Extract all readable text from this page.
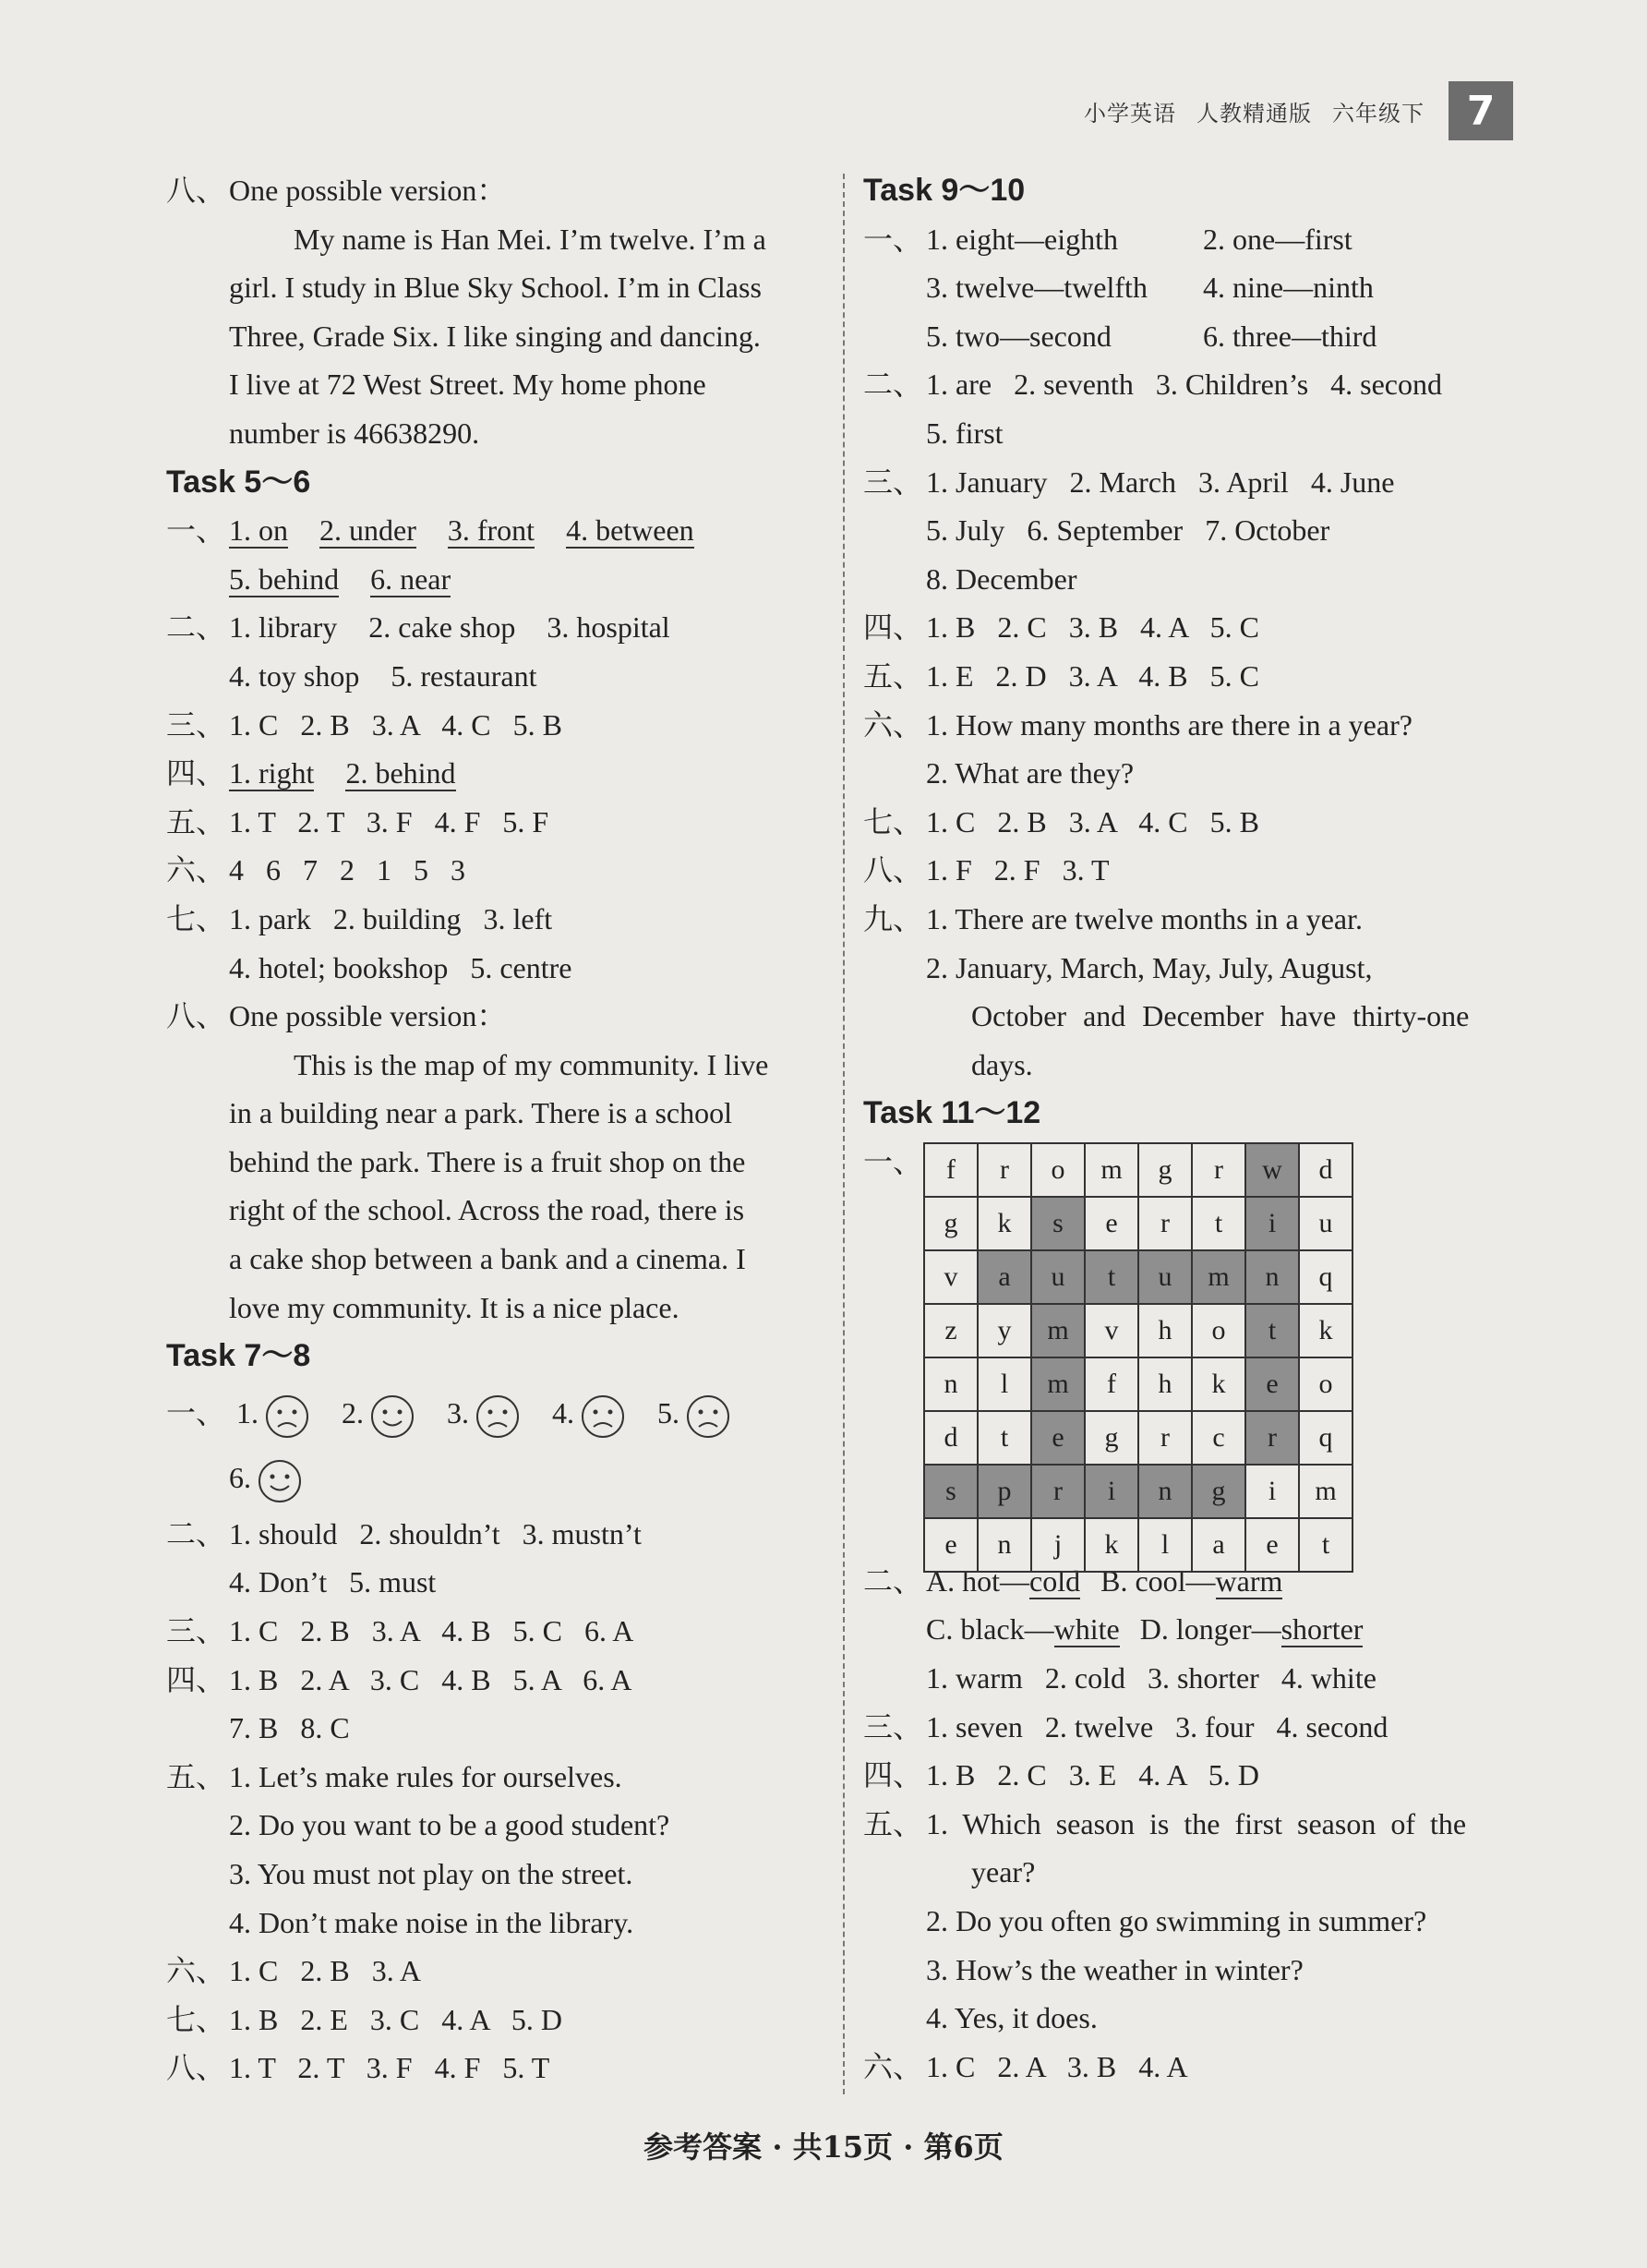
小学英语 人教精通版 六年级下	7
八、 One possible version：
My name is Han Mei. I’m twelve. I’m a
girl. I study in Blue Sky School. I’m in Class
Three, Grade Six. I like singing and dancing.
I live at 72 West Street. My home phone
number is 46638290.
Task 5～6
一、 1. on 2. under 3. front 4. between
5. behind 6. near
二、 1. library 2. cake shop 3. hospital
4. toy shop 5. restaurant
三、 1. C   2. B   3. A   4. C   5. B
四、 1. right 2. behind
五、 1. T   2. T   3. F   4. F   5. F
六、 4   6   7   2   1   5   3
七、 1. park   2. building   3. left
4. hotel; bookshop   5. centre
八、 One possible version：
This is the map of my community. I live
in a building near a park. There is a school
behind the park. There is a fruit shop on the
right of the school. Across the road, there is
a cake shop between a bank and a cinema. I
love my community. It is a nice place.
Task 7～8
一、 1.	2.	3.	4.	5.
6.
二、 1. should   2. shouldn’t   3. mustn’t
4. Don’t   5. must
三、 1. C   2. B   3. A   4. B   5. C   6. A
四、 1. B   2. A   3. C   4. B   5. A   6. A
7. B   8. C
五、 1. Let’s make rules for ourselves.
2. Do you want to be a good student?
3. You must not play on the street.
4. Don’t make noise in the library.
六、 1. C   2. B   3. A
七、 1. B   2. E   3. C   4. A   5. D
八、 1. T   2. T   3. F   4. F   5. T
Task 9～10
一、 1. eight—eighth	2. one—first
3. twelve—twelfth 4. nine—ninth
5. two—second	6. three—third
二、 1. are   2. seventh   3. Children’s   4. second
5. first
三、 1. January   2. March   3. April   4. June
5. July   6. September   7. October
8. December
四、 1. B   2. C   3. B   4. A   5. C
五、 1. E   2. D   3. A   4. B   5. C
六、 1. How many months are there in a year?
2. What are they?
七、 1. C   2. B   3. A   4. C   5. B
八、 1. F   2. F   3. T
九、 1. There are twelve months in a year.
2. January, March, May, July, August,
October and December have thirty-one
days.
Task 11～12
一、
二、 A. hot—cold B. cool—warm
C. black—white D. longer—shorter
1. warm   2. cold   3. shorter   4. white
三、 1. seven   2. twelve   3. four   4. second
四、 1. B   2. C   3. E   4. A   5. D
五、 1. Which season is the first season of the
year?
2. Do you often go swimming in summer?
3. How’s the weather in winter?
4. Yes, it does.
六、 1. C   2. A   3. B   4. A
f	r	o	m	g	r	w	d
g	k	s	e	r	t	i	u
v	a	u	t	u	m	n	q
z	y	m	v	h	o	t	k
n	l	m	f	h	k	e	o
d	t	e	g	r	c	r	q
s	p	r	i	n	g	i	m
e	n	j	k	l	a	e	t
参考答案 · 共15页 · 第6页
